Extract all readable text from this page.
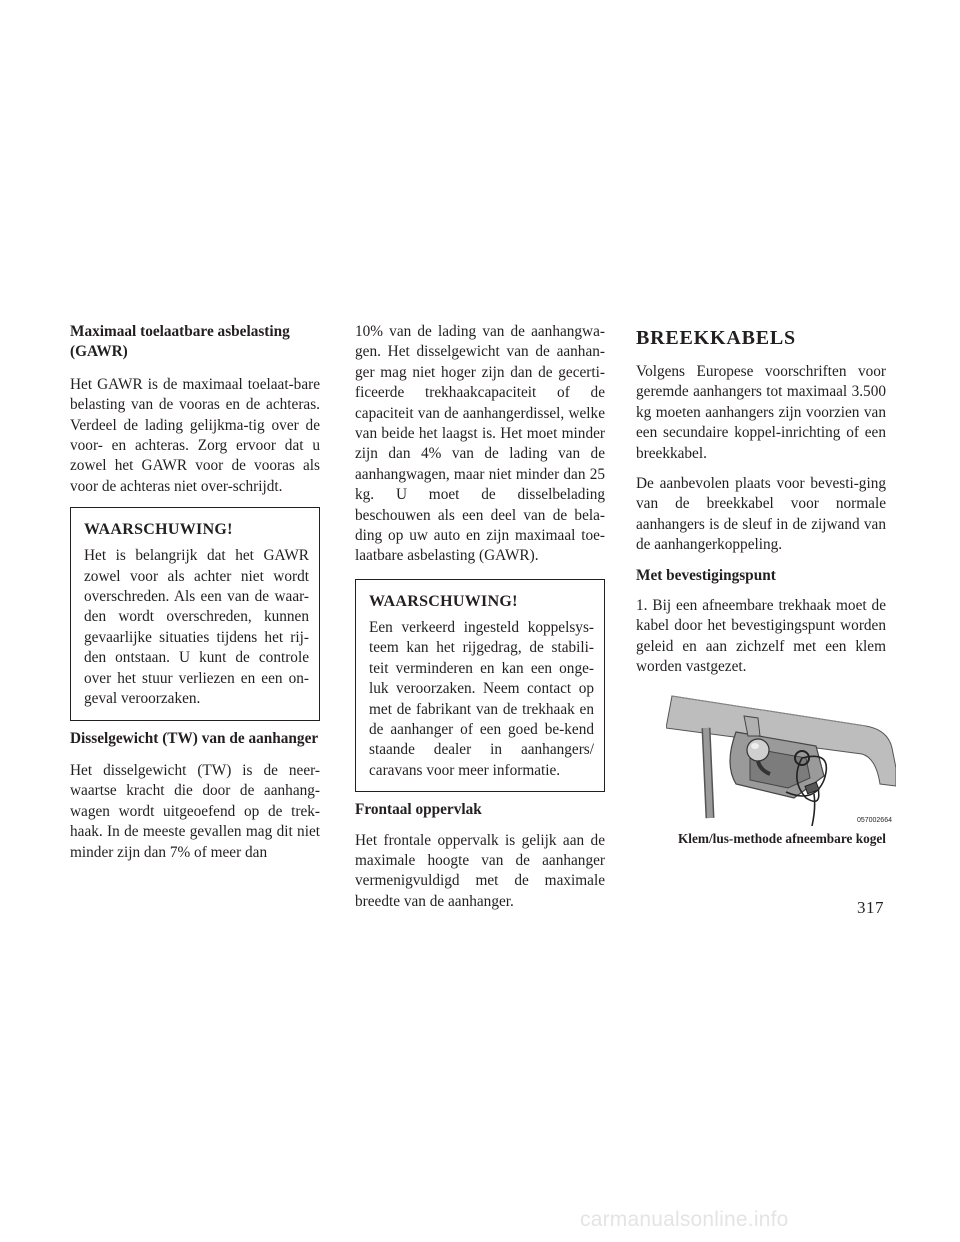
Maximaal toelaatbare asbelasting (GAWR)

Het GAWR is de maximaal toelaat-bare belasting van de vooras en de achteras. Verdeel de lading gelijkma-tig over de voor- en achteras. Zorg ervoor dat u zowel het GAWR voor de vooras als voor de achteras niet over-schrijdt.

WAARSCHUWING!

Het is belangrijk dat het GAWR zowel voor als achter niet wordt overschreden. Als een van de waar-den wordt overschreden, kunnen gevaarlijke situaties tijdens het rij-den ontstaan. U kunt de controle over het stuur verliezen en een on-geval veroorzaken.

Disselgewicht (TW) van de aanhanger

Het disselgewicht (TW) is de neer-waartse kracht die door de aanhang-wagen wordt uitgeoefend op de trek-haak. In de meeste gevallen mag dit niet minder zijn dan 7% of meer dan

10% van de lading van de aanhangwa-gen. Het disselgewicht van de aanhan-ger mag niet hoger zijn dan de gecerti-ficeerde trekhaakcapaciteit of de capaciteit van de aanhangerdissel, welke van beide het laagst is. Het moet minder zijn dan 4% van de lading van de aanhangwagen, maar niet minder dan 25 kg. U moet de disselbelading beschouwen als een deel van de bela-ding op uw auto en zijn maximaal toe-laatbare asbelasting (GAWR).

WAARSCHUWING!

Een verkeerd ingesteld koppelsys-teem kan het rijgedrag, de stabili-teit verminderen en kan een onge-luk veroorzaken. Neem contact op met de fabrikant van de trekhaak en de aanhanger of een goed be-kend staande dealer in aanhangers/ caravans voor meer informatie.

Frontaal oppervlak

Het frontale oppervalk is gelijk aan de maximale hoogte van de aanhanger vermenigvuldigd met de maximale breedte van de aanhanger.

BREEKKABELS

Volgens Europese voorschriften voor geremde aanhangers tot maximaal 3.500 kg moeten aanhangers zijn voorzien van een secundaire koppel-inrichting of een breekkabel.

De aanbevolen plaats voor bevesti-ging van de breekkabel voor normale aanhangers is de sleuf in de zijwand van de aanhangerkoppeling.

Met bevestigingspunt

1. Bij een afneembare trekhaak moet de kabel door het bevestigingspunt worden geleid en aan zichzelf met een klem worden vastgezet.

057002664
Klem/lus-methode afneembare kogel
317
carmanualsonline.info
